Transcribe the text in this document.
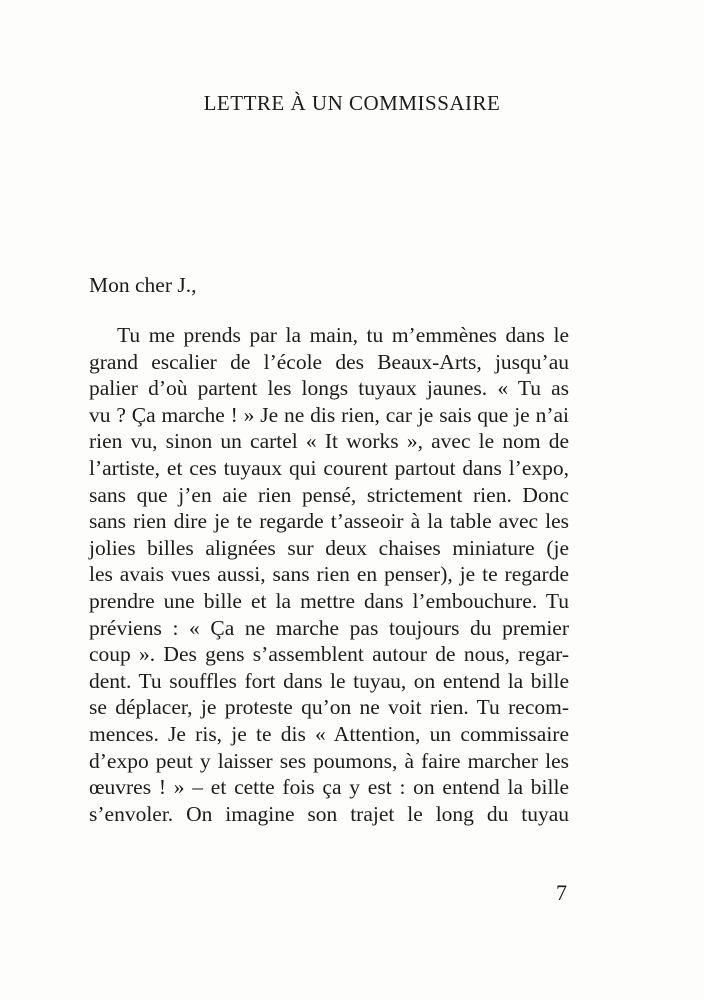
LETTRE À UN COMMISSAIRE
Mon cher J.,
Tu me prends par la main, tu m’emmènes dans le
grand escalier de l’école des Beaux-Arts, jusqu’au
palier d’où partent les longs tuyaux jaunes. « Tu as
vu ? Ça marche ! » Je ne dis rien, car je sais que je n’ai
rien vu, sinon un cartel « It works », avec le nom de
l’artiste, et ces tuyaux qui courent partout dans l’expo,
sans que j’en aie rien pensé, strictement rien. Donc
sans rien dire je te regarde t’asseoir à la table avec les
jolies billes alignées sur deux chaises miniature (je
les avais vues aussi, sans rien en penser), je te regarde
prendre une bille et la mettre dans l’embouchure. Tu
préviens : « Ça ne marche pas toujours du premier
coup ». Des gens s’assemblent autour de nous, regar-
dent. Tu souffles fort dans le tuyau, on entend la bille
se déplacer, je proteste qu’on ne voit rien. Tu recom-
mences. Je ris, je te dis « Attention, un commissaire
d’expo peut y laisser ses poumons, à faire marcher les
œuvres ! » – et cette fois ça y est : on entend la bille
s’envoler. On imagine son trajet le long du tuyau
7
